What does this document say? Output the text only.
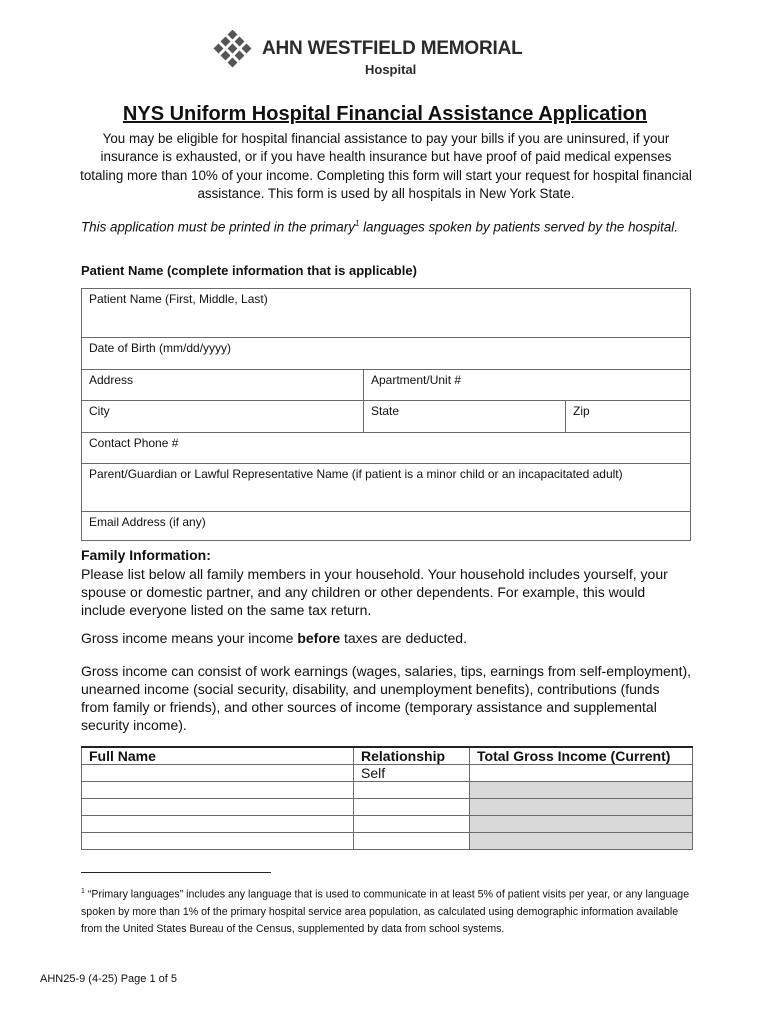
AHN WESTFIELD MEMORIAL
Hospital
NYS Uniform Hospital Financial Assistance Application
You may be eligible for hospital financial assistance to pay your bills if you are uninsured, if your insurance is exhausted, or if you have health insurance but have proof of paid medical expenses totaling more than 10% of your income. Completing this form will start your request for hospital financial assistance. This form is used by all hospitals in New York State.
This application must be printed in the primary$^1$ languages spoken by patients served by the hospital.
Patient Name (complete information that is applicable)
Patient Name (First, Middle, Last)
Date of Birth (mm/dd/yyyy)
Address	Apartment/Unit #
City	State	Zip
Contact Phone #
Parent/Guardian or Lawful Representative Name (if patient is a minor child or an incapacitated adult)
Email Address (if any)
Family Information:
Please list below all family members in your household. Your household includes yourself, your spouse or domestic partner, and any children or other dependents. For example, this would include everyone listed on the same tax return.
Gross income means your income before taxes are deducted.
Gross income can consist of work earnings (wages, salaries, tips, earnings from self-employment), unearned income (social security, disability, and unemployment benefits), contributions (funds from family or friends), and other sources of income (temporary assistance and supplemental security income).
Full Name	Relationship	Total Gross Income (Current)
	Self	

$^1$ “Primary languages” includes any language that is used to communicate in at least 5% of patient visits per year, or any language spoken by more than 1% of the primary hospital service area population, as calculated using demographic information available from the United States Bureau of the Census, supplemented by data from school systems.
AHN25-9 (4-25) Page 1 of 5
